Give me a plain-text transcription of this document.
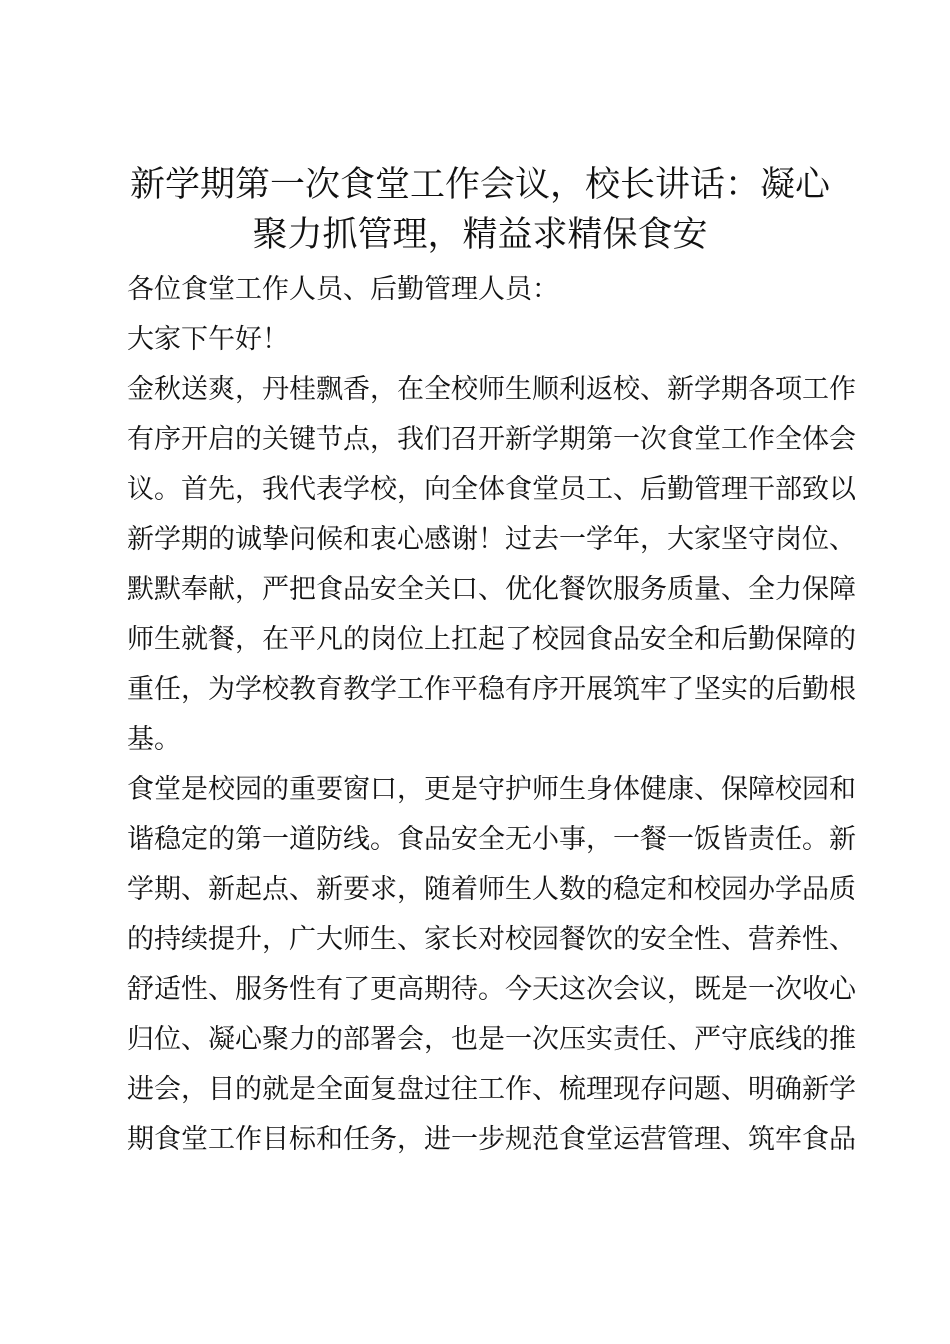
新学期第一次食堂工作会议，校长讲话：凝心
聚力抓管理，精益求精保食安

各位食堂工作人员、后勤管理人员：

大家下午好！

金秋送爽，丹桂飘香，在全校师生顺利返校、新学期各项工作
有序开启的关键节点，我们召开新学期第一次食堂工作全体会
议。首先，我代表学校，向全体食堂员工、后勤管理干部致以
新学期的诚挚问候和衷心感谢！过去一学年，大家坚守岗位、
默默奉献，严把食品安全关口、优化餐饮服务质量、全力保障
师生就餐，在平凡的岗位上扛起了校园食品安全和后勤保障的
重任，为学校教育教学工作平稳有序开展筑牢了坚实的后勤根
基。
食堂是校园的重要窗口，更是守护师生身体健康、保障校园和
谐稳定的第一道防线。食品安全无小事，一餐一饭皆责任。新
学期、新起点、新要求，随着师生人数的稳定和校园办学品质
的持续提升，广大师生、家长对校园餐饮的安全性、营养性、
舒适性、服务性有了更高期待。今天这次会议，既是一次收心
归位、凝心聚力的部署会，也是一次压实责任、严守底线的推
进会，目的就是全面复盘过往工作、梳理现存问题、明确新学
期食堂工作目标和任务，进一步规范食堂运营管理、筑牢食品
